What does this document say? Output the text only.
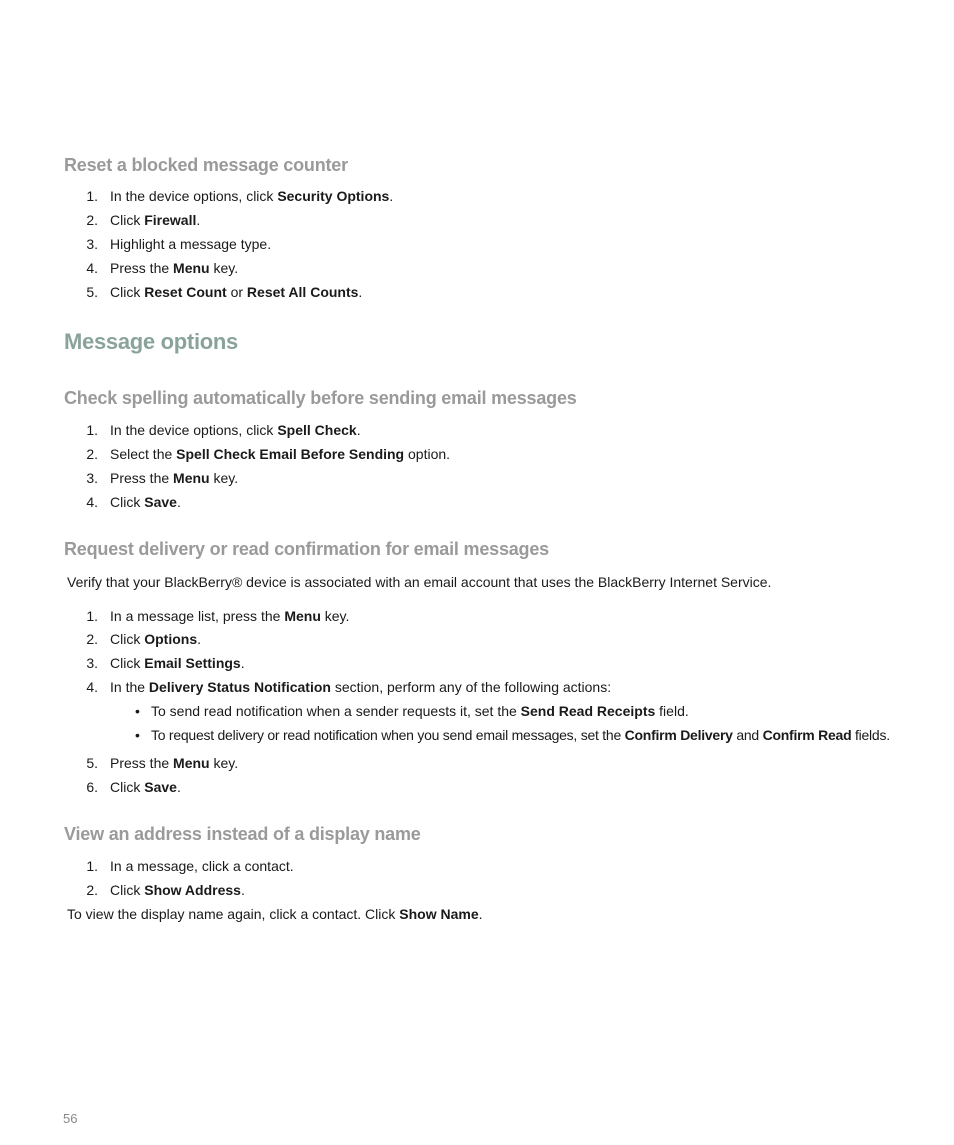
Reset a blocked message counter
1. In the device options, click Security Options.
2. Click Firewall.
3. Highlight a message type.
4. Press the Menu key.
5. Click Reset Count or Reset All Counts.
Message options
Check spelling automatically before sending email messages
1. In the device options, click Spell Check.
2. Select the Spell Check Email Before Sending option.
3. Press the Menu key.
4. Click Save.
Request delivery or read confirmation for email messages
Verify that your BlackBerry® device is associated with an email account that uses the BlackBerry Internet Service.
1. In a message list, press the Menu key.
2. Click Options.
3. Click Email Settings.
4. In the Delivery Status Notification section, perform any of the following actions:
• To send read notification when a sender requests it, set the Send Read Receipts field.
• To request delivery or read notification when you send email messages, set the Confirm Delivery and Confirm Read fields.
5. Press the Menu key.
6. Click Save.
View an address instead of a display name
1. In a message, click a contact.
2. Click Show Address.
To view the display name again, click a contact. Click Show Name.
56
